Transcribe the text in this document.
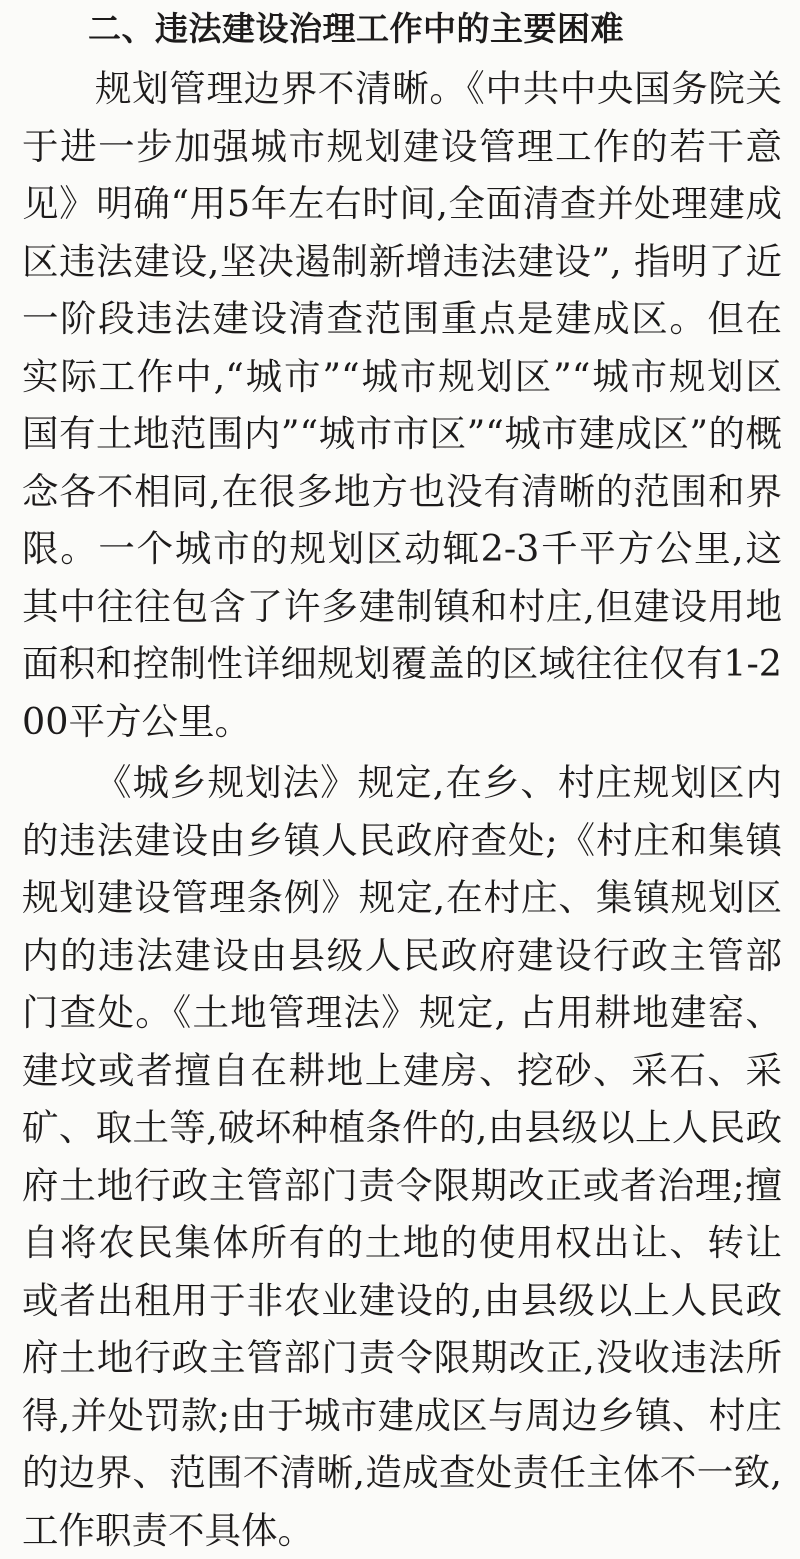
二、违法建设治理工作中的主要困难

规划管理边界不清晰。《中共中央国务院关于进一步加强城市规划建设管理工作的若干意见》明确“用5年左右时间,全面清查并处理建成区违法建设,坚决遏制新增违法建设”, 指明了近一阶段违法建设清查范围重点是建成区。但在实际工作中,“城市”“城市规划区”“城市规划区国有土地范围内”“城市市区”“城市建成区”的概念各不相同,在很多地方也没有清晰的范围和界限。一个城市的规划区动辄2-3千平方公里,这其中往往包含了许多建制镇和村庄,但建设用地面积和控制性详细规划覆盖的区域往往仅有1-200平方公里。

《城乡规划法》规定,在乡、村庄规划区内的违法建设由乡镇人民政府查处;《村庄和集镇规划建设管理条例》规定,在村庄、集镇规划区内的违法建设由县级人民政府建设行政主管部门查处。《土地管理法》规定, 占用耕地建窑、建坟或者擅自在耕地上建房、挖砂、采石、采矿、取土等,破坏种植条件的,由县级以上人民政府土地行政主管部门责令限期改正或者治理;擅自将农民集体所有的土地的使用权出让、转让或者出租用于非农业建设的,由县级以上人民政府土地行政主管部门责令限期改正,没收违法所得,并处罚款;由于城市建成区与周边乡镇、村庄的边界、范围不清晰,造成查处责任主体不一致,工作职责不具体。
